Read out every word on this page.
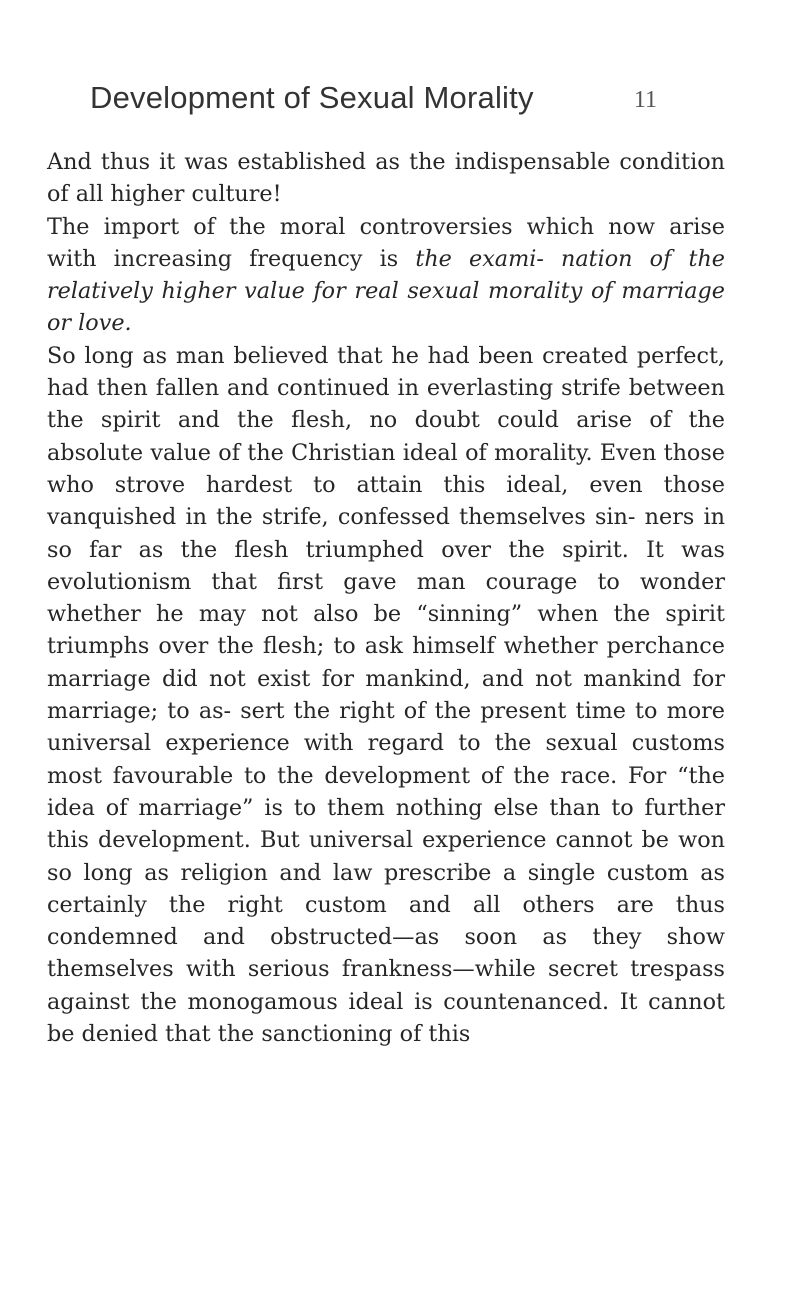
Development of Sexual Morality	11

And thus it was established as the indispensable condition of all higher culture!

The import of the moral controversies which now arise with increasing frequency is the exami- nation of the relatively higher value for real sexual morality of marriage or love.

So long as man believed that he had been created perfect, had then fallen and continued in everlasting strife between the spirit and the flesh, no doubt could arise of the absolute value of the Christian ideal of morality. Even those who strove hardest to attain this ideal, even those vanquished in the strife, confessed themselves sin- ners in so far as the flesh triumphed over the spirit. It was evolutionism that first gave man courage to wonder whether he may not also be “sinning” when the spirit triumphs over the flesh; to ask himself whether perchance marriage did not exist for mankind, and not mankind for marriage; to as- sert the right of the present time to more universal experience with regard to the sexual customs most favourable to the development of the race. For “the idea of marriage” is to them nothing else than to further this development. But universal experience cannot be won so long as religion and law prescribe a single custom as certainly the right custom and all others are thus condemned and obstructed—as soon as they show themselves with serious frankness—while secret trespass against the monogamous ideal is countenanced. It cannot be denied that the sanctioning of this
